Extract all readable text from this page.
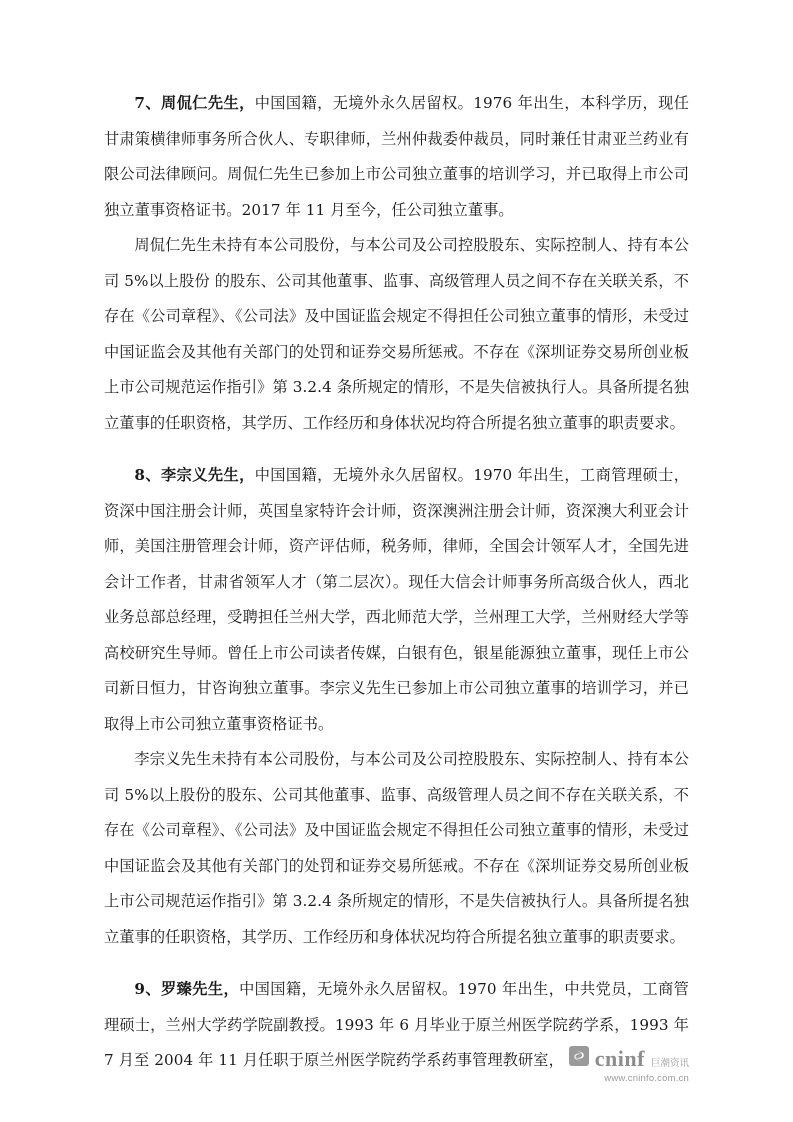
7、周侃仁先生，中国国籍，无境外永久居留权。1976 年出生，本科学历，现任甘肃策横律师事务所合伙人、专职律师，兰州仲裁委仲裁员，同时兼任甘肃亚兰药业有限公司法律顾问。周侃仁先生已参加上市公司独立董事的培训学习，并已取得上市公司独立董事资格证书。2017 年 11 月至今，任公司独立董事。

周侃仁先生未持有本公司股份，与本公司及公司控股股东、实际控制人、持有本公司 5%以上股份 的股东、公司其他董事、监事、高级管理人员之间不存在关联关系，不存在《公司章程》、《公司法》及中国证监会规定不得担任公司独立董事的情形，未受过中国证监会及其他有关部门的处罚和证券交易所惩戒。不存在《深圳证券交易所创业板上市公司规范运作指引》第 3.2.4 条所规定的情形，不是失信被执行人。具备所提名独立董事的任职资格，其学历、工作经历和身体状况均符合所提名独立董事的职责要求。

8、李宗义先生，中国国籍，无境外永久居留权。1970 年出生，工商管理硕士，资深中国注册会计师，英国皇家特许会计师，资深澳洲注册会计师，资深澳大利亚会计师，美国注册管理会计师，资产评估师，税务师，律师，全国会计领军人才，全国先进会计工作者，甘肃省领军人才（第二层次）。现任大信会计师事务所高级合伙人，西北业务总部总经理，受聘担任兰州大学，西北师范大学，兰州理工大学，兰州财经大学等高校研究生导师。曾任上市公司读者传媒，白银有色，银星能源独立董事，现任上市公司新日恒力，甘咨询独立董事。李宗义先生已参加上市公司独立董事的培训学习，并已取得上市公司独立董事资格证书。

李宗义先生未持有本公司股份，与本公司及公司控股股东、实际控制人、持有本公司 5%以上股份的股东、公司其他董事、监事、高级管理人员之间不存在关联关系，不存在《公司章程》、《公司法》及中国证监会规定不得担任公司独立董事的情形，未受过中国证监会及其他有关部门的处罚和证券交易所惩戒。不存在《深圳证券交易所创业板上市公司规范运作指引》第 3.2.4 条所规定的情形，不是失信被执行人。具备所提名独立董事的任职资格，其学历、工作经历和身体状况均符合所提名独立董事的职责要求。

9、罗臻先生，中国国籍，无境外永久居留权。1970 年出生，中共党员，工商管理硕士，兰州大学药学院副教授。1993 年 6 月毕业于原兰州医学院药学系，1993 年 7 月至 2004 年 11 月任职于原兰州医学院药学系药事管理教研室，	cninf 巨潮资讯
www.cninfo.com.cn
